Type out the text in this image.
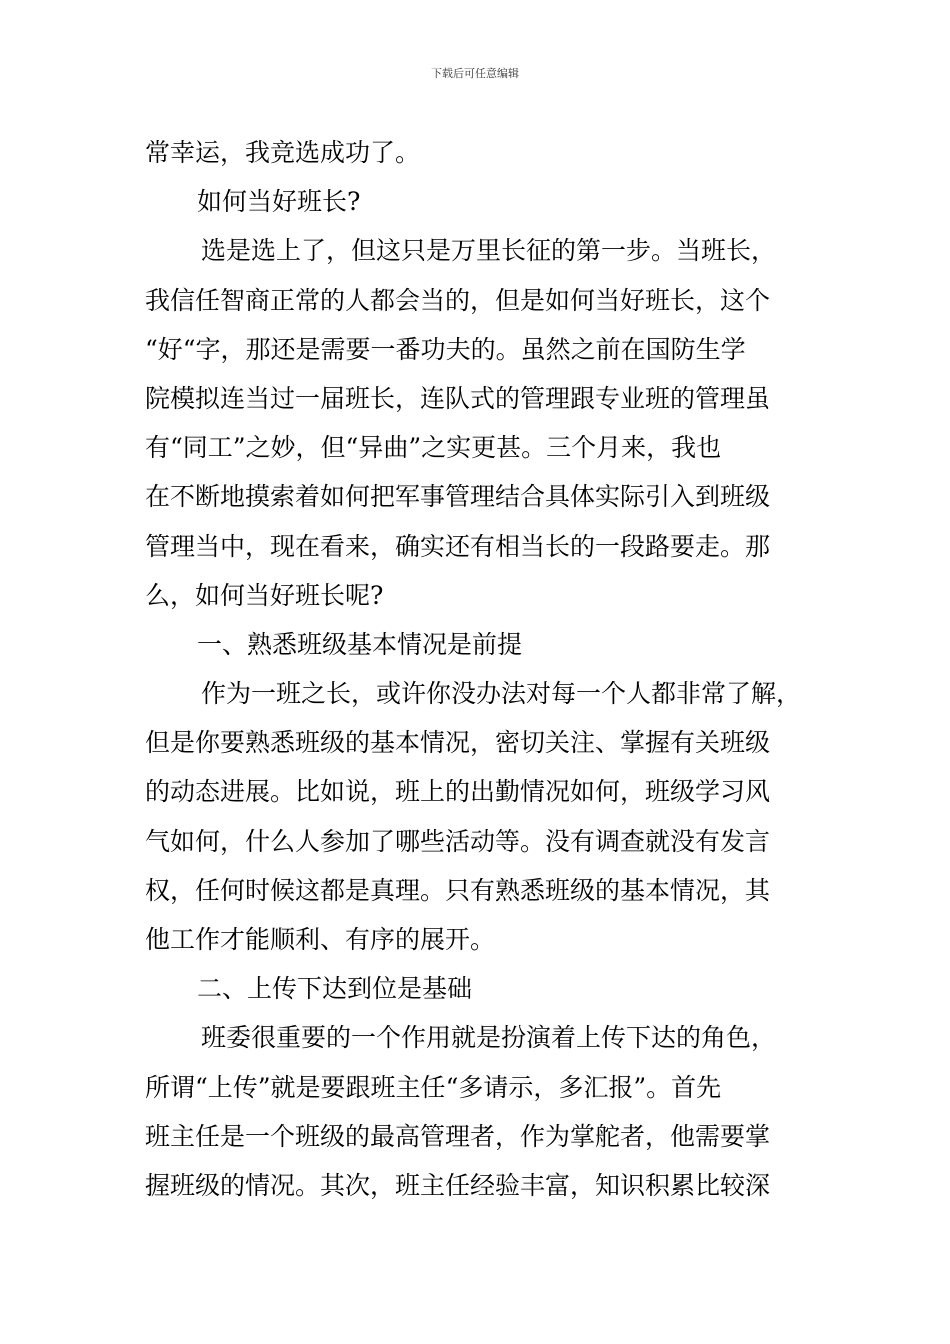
下载后可任意编辑
常幸运，我竞选成功了。
如何当好班长?
选是选上了，但这只是万里长征的第一步。当班长，
我信任智商正常的人都会当的，但是如何当好班长，这个
“好“字，那还是需要一番功夫的。虽然之前在国防生学
院模拟连当过一届班长，连队式的管理跟专业班的管理虽
有“同工”之妙，但“异曲”之实更甚。三个月来，我也
在不断地摸索着如何把军事管理结合具体实际引入到班级
管理当中，现在看来，确实还有相当长的一段路要走。那
么，如何当好班长呢?
一、熟悉班级基本情况是前提
作为一班之长，或许你没办法对每一个人都非常了解，
但是你要熟悉班级的基本情况，密切关注、掌握有关班级
的动态进展。比如说，班上的出勤情况如何，班级学习风
气如何，什么人参加了哪些活动等。没有调查就没有发言
权，任何时候这都是真理。只有熟悉班级的基本情况，其
他工作才能顺利、有序的展开。
二、上传下达到位是基础
班委很重要的一个作用就是扮演着上传下达的角色，
所谓“上传”就是要跟班主任“多请示，多汇报”。首先
班主任是一个班级的最高管理者，作为掌舵者，他需要掌
握班级的情况。其次，班主任经验丰富，知识积累比较深
